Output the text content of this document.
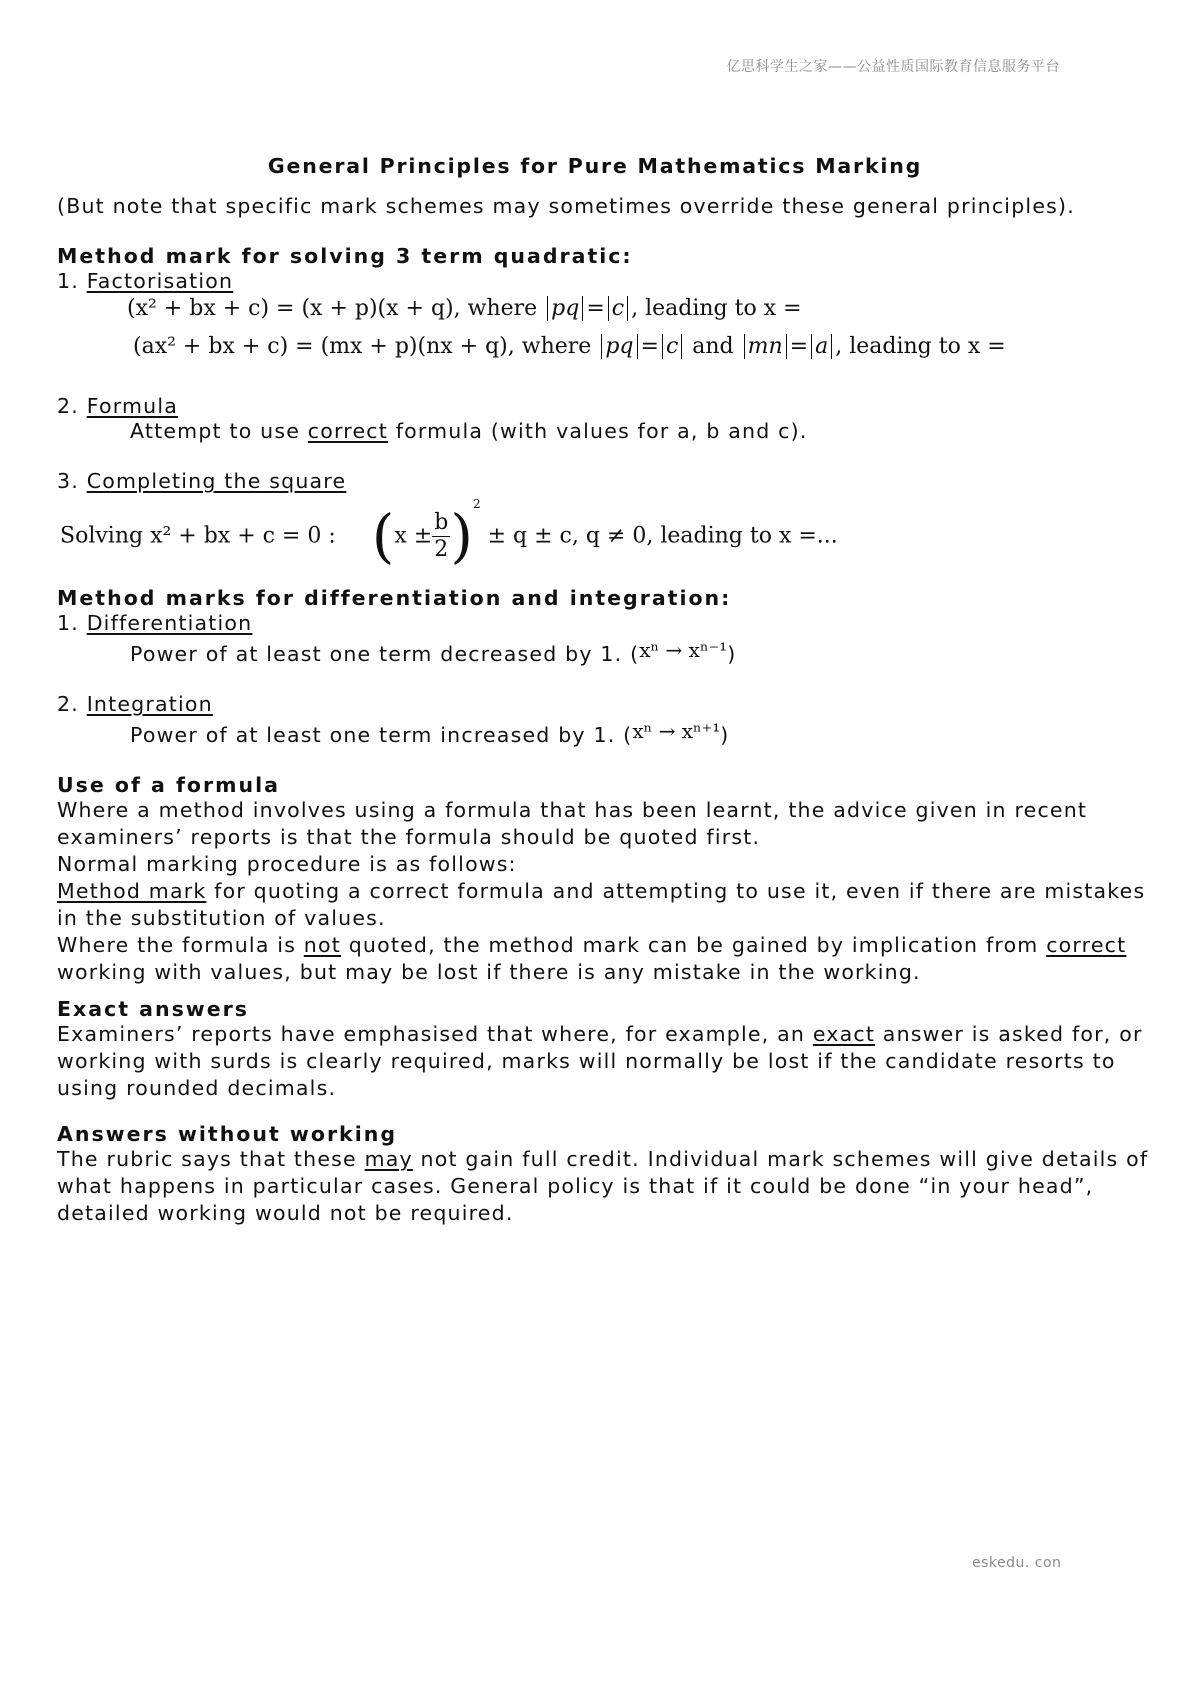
亿思科学生之家——公益性质国际教育信息服务平台
General Principles for Pure Mathematics Marking
(But note that specific mark schemes may sometimes override these general principles).
Method mark for solving 3 term quadratic:
1. Factorisation
(x² + bx + c) = (x + p)(x + q), where pq = c , leading to x =
(ax² + bx + c) = (mx + p)(nx + q), where pq = c and mn = a , leading to x =
2. Formula
Attempt to use correct formula (with values for a, b and c).
3. Completing the square
Solving x² + bx + c = 0 : $(x \pm \frac{b}{2} )^2 \pm q \pm c$, q ≠ 0, leading to x =...
Method marks for differentiation and integration:
1. Differentiation
Power of at least one term decreased by 1. (xⁿ → xⁿ⁻¹)
2. Integration
Power of at least one term increased by 1. (xⁿ → xⁿ⁺¹)
Use of a formula
Where a method involves using a formula that has been learnt, the advice given in recent
examiners’ reports is that the formula should be quoted first.
Normal marking procedure is as follows:
Method mark for quoting a correct formula and attempting to use it, even if there are mistakes
in the substitution of values.
Where the formula is not quoted, the method mark can be gained by implication from correct
working with values, but may be lost if there is any mistake in the working.
Exact answers
Examiners’ reports have emphasised that where, for example, an exact answer is asked for, or
working with surds is clearly required, marks will normally be lost if the candidate resorts to
using rounded decimals.
Answers without working
The rubric says that these may not gain full credit. Individual mark schemes will give details of
what happens in particular cases. General policy is that if it could be done “in your head”,
detailed working would not be required.
eskedu. con
